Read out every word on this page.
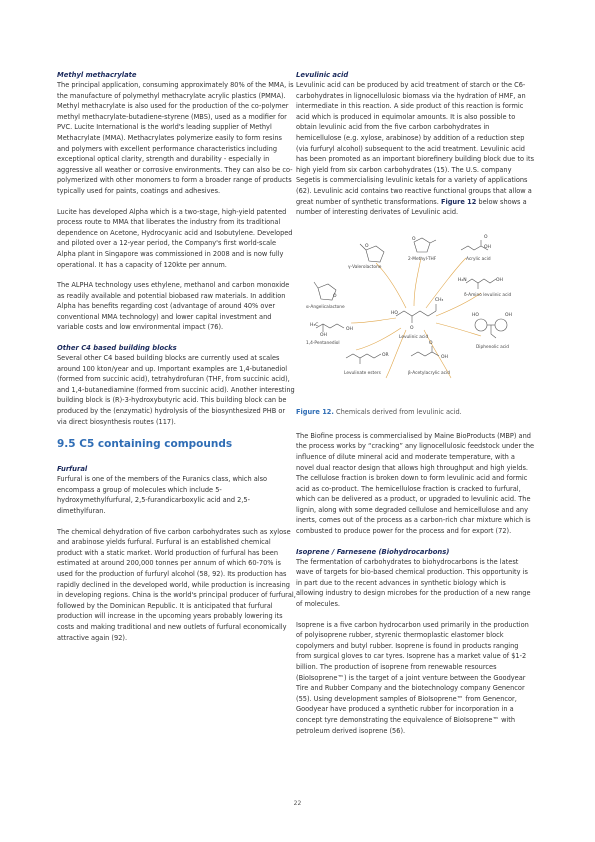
Methyl methacrylate

The principal application, consuming approximately 80% of the MMA, is the manufacture of polymethyl methacrylate acrylic plastics (PMMA). Methyl methacrylate is also used for the production of the co-polymer methyl methacrylate-butadiene-styrene (MBS), used as a modifier for PVC. Lucite International is the world's leading supplier of Methyl Methacrylate (MMA). Methacrylates polymerize easily to form resins and polymers with excellent performance characteristics including exceptional optical clarity, strength and durability - especially in aggressive all weather or corrosive environments. They can also be co-polymerized with other monomers to form a broader range of products typically used for paints, coatings and adhesives.

Lucite has developed Alpha which is a two-stage, high-yield patented process route to MMA that liberates the industry from its traditional dependence on Acetone, Hydrocyanic acid and Isobutylene. Developed and piloted over a 12-year period, the Company's first world-scale Alpha plant in Singapore was commissioned in 2008 and is now fully operational. It has a capacity of 120kte per annum.

The ALPHA technology uses ethylene, methanol and carbon monoxide as readily available and potential biobased raw materials. In addition Alpha has benefits regarding cost (advantage of around 40% over conventional MMA technology) and lower capital investment and variable costs and low environmental impact (76).

Other C4 based building blocks

Several other C4 based building blocks are currently used at scales around 100 kton/year and up. Important examples are 1,4-butanediol (formed from succinic acid), tetrahydrofuran (THF, from succinic acid), and 1,4-butanediamine (formed from succinic acid). Another interesting building block is (R)-3-hydroxybutyric acid. This building block can be produced by the (enzymatic) hydrolysis of the biosynthesized PHB or via direct biosynthesis routes (117).

9.5 C5 containing compounds
Furfural

Furfural is one of the members of the Furanics class, which also encompass a group of molecules which include 5-hydroxymethylfurfural, 2,5-furandicarboxylic acid and 2,5-dimethylfuran.

The chemical dehydration of five carbon carbohydrates such as xylose and arabinose yields furfural. Furfural is an established chemical product with a static market. World production of furfural has been estimated at around 200,000 tonnes per annum of which 60-70% is used for the production of furfuryl alcohol (58, 92). Its production has rapidly declined in the developed world, while production is increasing in developing regions. China is the world's principal producer of furfural, followed by the Dominican Republic. It is anticipated that furfural production will increase in the upcoming years probably lowering its costs and making traditional and new outlets of furfural economically attractive again (92).

Levulinic acid

Levulinic acid can be produced by acid treatment of starch or the C6-carbohydrates in lignocellulosic biomass via the hydration of HMF, an intermediate in this reaction. A side product of this reaction is formic acid which is produced in equimolar amounts. It is also possible to obtain levulinic acid from the five carbon carbohydrates in hemicellulose (e.g. xylose, arabinose) by addition of a reduction step (via furfuryl alcohol) subsequent to the acid treatment. Levulinic acid has been promoted as an important biorefinery building block due to its high yield from six carbon carbohydrates (15). The U.S. company Segetis is commercialising levulinic ketals for a variety of applications (62). Levulinic acid contains two reactive functional groups that allow a great number of synthetic transformations. Figure 12 below shows a number of interesting derivates of Levulinic acid.

O
O
OH
O
OH
H₂N
O
HO
CH₃
O
HO	OH
OH
OH
H₃C
OR	OH
O
γ-Valerolactone
2-Methyl-THF	Acrylic acid
δ-Amino levulinic acid
α-Angelicalactone
Levulinic acid
1,4-Pentanediol
Diphenolic acid
Levulinate esters	β-Acetylacrylic acid

Figure 12. Chemicals derived from levulinic acid.

The Biofine process is commercialised by Maine BioProducts (MBP) and the process works by “cracking” any lignocellulosic feedstock under the influence of dilute mineral acid and moderate temperature, with a novel dual reactor design that allows high throughput and high yields. The cellulose fraction is broken down to form levulinic acid and formic acid as co-product. The hemicellulose fraction is cracked to furfural, which can be delivered as a product, or upgraded to levulinic acid. The lignin, along with some degraded cellulose and hemicellulose and any inerts, comes out of the process as a carbon-rich char mixture which is combusted to produce power for the process and for export (72).

Isoprene / Farnesene (Biohydrocarbons)

The fermentation of carbohydrates to biohydrocarbons is the latest wave of targets for bio-based chemical production. This opportunity is in part due to the recent advances in synthetic biology which is allowing industry to design microbes for the production of a new range of molecules.

Isoprene is a five carbon hydrocarbon used primarily in the production of polyisoprene rubber, styrenic thermoplastic elastomer block copolymers and butyl rubber. Isoprene is found in products ranging from surgical gloves to car tyres. Isoprene has a market value of $1-2 billion. The production of isoprene from renewable resources (BioIsoprene™) is the target of a joint venture between the Goodyear Tire and Rubber Company and the biotechnology company Genencor (55). Using development samples of BioIsoprene™ from Genencor, Goodyear have produced a synthetic rubber for incorporation in a concept tyre demonstrating the equivalence of BioIsoprene™ with petroleum derived isoprene (56).

22
